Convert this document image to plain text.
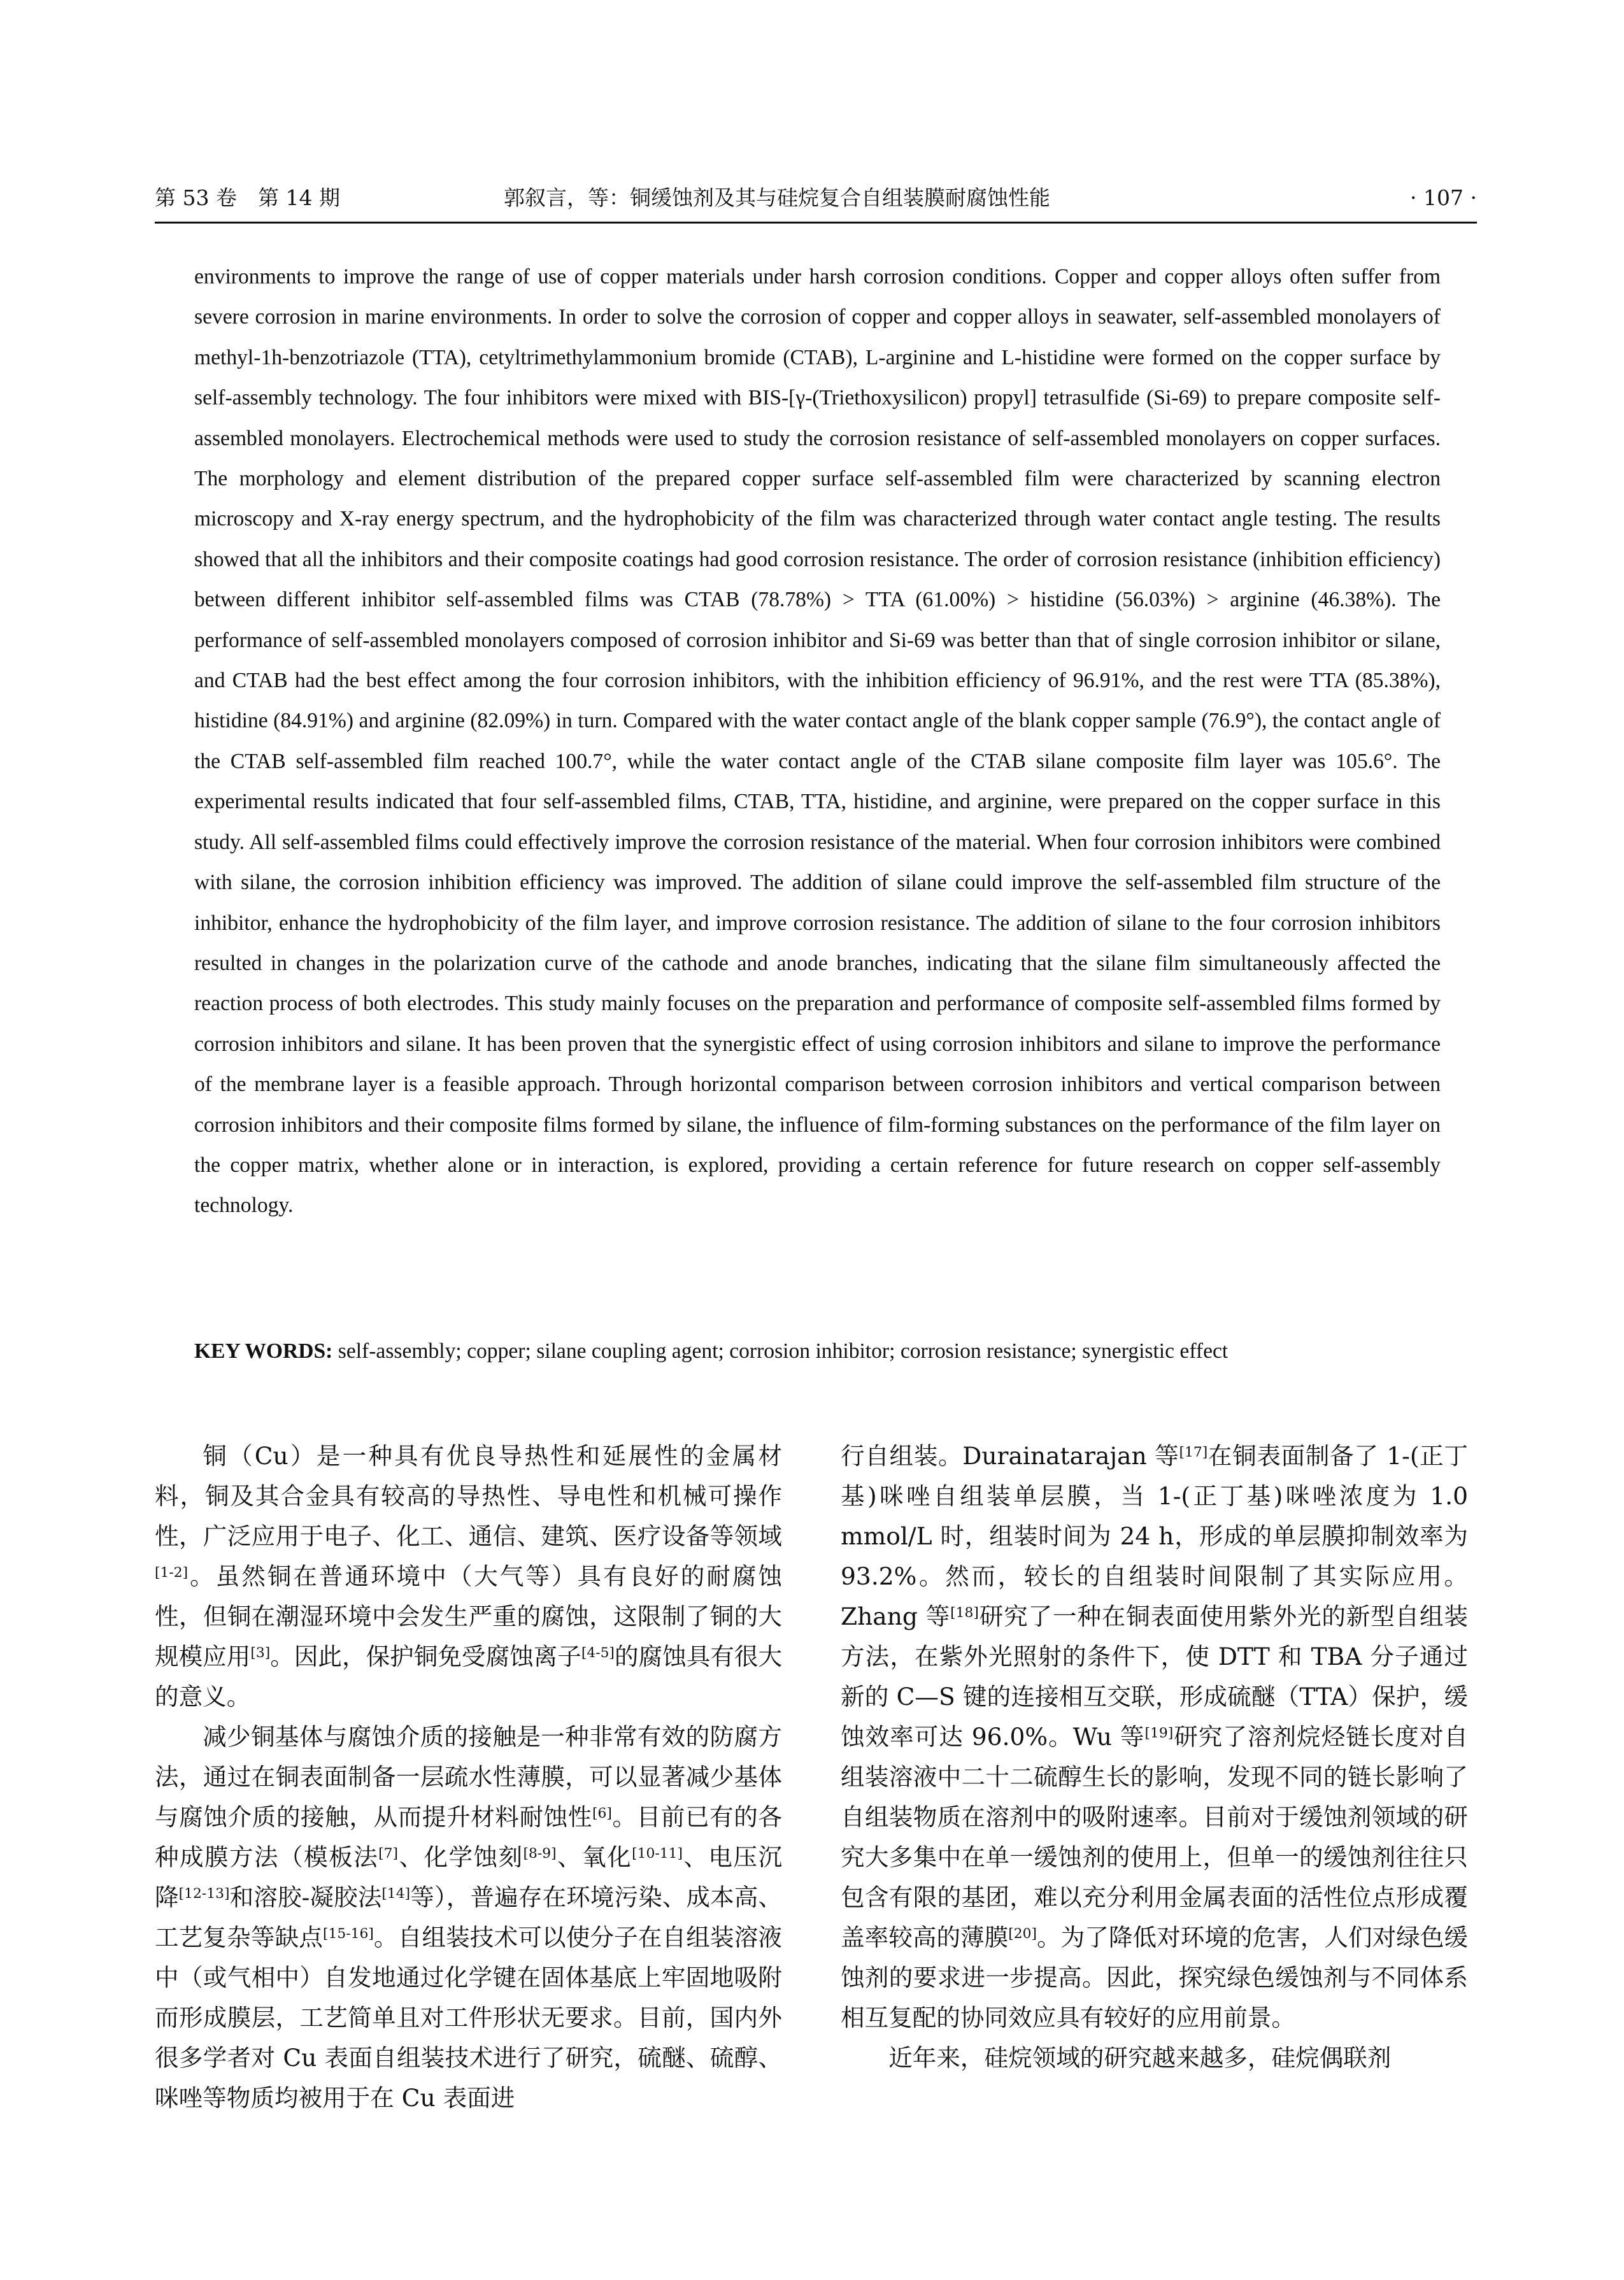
第 53 卷　第 14 期	郭叙言，等：铜缓蚀剂及其与硅烷复合自组装膜耐腐蚀性能	· 107 ·

environments to improve the range of use of copper materials under harsh corrosion conditions. Copper and copper alloys often suffer from severe corrosion in marine environments. In order to solve the corrosion of copper and copper alloys in seawater, self-assembled monolayers of methyl-1h-benzotriazole (TTA), cetyltrimethylammonium bromide (CTAB), L-arginine and L-histidine were formed on the copper surface by self-assembly technology. The four inhibitors were mixed with BIS-[γ-(Triethoxysilicon) propyl] tetrasulfide (Si-69) to prepare composite self-assembled monolayers. Electrochemical methods were used to study the corrosion resistance of self-assembled monolayers on copper surfaces. The morphology and element distribution of the prepared copper surface self-assembled film were characterized by scanning electron microscopy and X-ray energy spectrum, and the hydrophobicity of the film was characterized through water contact angle testing. The results showed that all the inhibitors and their composite coatings had good corrosion resistance. The order of corrosion resistance (inhibition efficiency) between different inhibitor self-assembled films was CTAB (78.78%) > TTA (61.00%) > histidine (56.03%) > arginine (46.38%). The performance of self-assembled monolayers composed of corrosion inhibitor and Si-69 was better than that of single corrosion inhibitor or silane, and CTAB had the best effect among the four corrosion inhibitors, with the inhibition efficiency of 96.91%, and the rest were TTA (85.38%), histidine (84.91%) and arginine (82.09%) in turn. Compared with the water contact angle of the blank copper sample (76.9°), the contact angle of the CTAB self-assembled film reached 100.7°, while the water contact angle of the CTAB silane composite film layer was 105.6°. The experimental results indicated that four self-assembled films, CTAB, TTA, histidine, and arginine, were prepared on the copper surface in this study. All self-assembled films could effectively improve the corrosion resistance of the material. When four corrosion inhibitors were combined with silane, the corrosion inhibition efficiency was improved. The addition of silane could improve the self-assembled film structure of the inhibitor, enhance the hydrophobicity of the film layer, and improve corrosion resistance. The addition of silane to the four corrosion inhibitors resulted in changes in the polarization curve of the cathode and anode branches, indicating that the silane film simultaneously affected the reaction process of both electrodes. This study mainly focuses on the preparation and performance of composite self-assembled films formed by corrosion inhibitors and silane. It has been proven that the synergistic effect of using corrosion inhibitors and silane to improve the performance of the membrane layer is a feasible approach. Through horizontal comparison between corrosion inhibitors and vertical comparison between corrosion inhibitors and their composite films formed by silane, the influence of film-forming substances on the performance of the film layer on the copper matrix, whether alone or in interaction, is explored, providing a certain reference for future research on copper self-assembly technology.

KEY WORDS: self-assembly; copper; silane coupling agent; corrosion inhibitor; corrosion resistance; synergistic effect

铜（Cu）是一种具有优良导热性和延展性的金属材料，铜及其合金具有较高的导热性、导电性和机械可操作性，广泛应用于电子、化工、通信、建筑、医疗设备等领域[1-2]。虽然铜在普通环境中（大气等）具有良好的耐腐蚀性，但铜在潮湿环境中会发生严重的腐蚀，这限制了铜的大规模应用[3]。因此，保护铜免受腐蚀离子[4-5]的腐蚀具有很大的意义。

减少铜基体与腐蚀介质的接触是一种非常有效的防腐方法，通过在铜表面制备一层疏水性薄膜，可以显著减少基体与腐蚀介质的接触，从而提升材料耐蚀性[6]。目前已有的各种成膜方法（模板法[7]、化学蚀刻[8-9]、氧化[10-11]、电压沉降[12-13]和溶胶-凝胶法[14]等），普遍存在环境污染、成本高、工艺复杂等缺点[15-16]。自组装技术可以使分子在自组装溶液中（或气相中）自发地通过化学键在固体基底上牢固地吸附而形成膜层，工艺简单且对工件形状无要求。目前，国内外很多学者对 Cu 表面自组装技术进行了研究，硫醚、硫醇、咪唑等物质均被用于在 Cu 表面进

行自组装。Durainatarajan 等[17]在铜表面制备了 1-(正丁基)咪唑自组装单层膜，当 1-(正丁基)咪唑浓度为 1.0 mmol/L 时，组装时间为 24 h，形成的单层膜抑制效率为 93.2%。然而，较长的自组装时间限制了其实际应用。Zhang 等[18]研究了一种在铜表面使用紫外光的新型自组装方法，在紫外光照射的条件下，使 DTT 和 TBA 分子通过新的 C—S 键的连接相互交联，形成硫醚（TTA）保护，缓蚀效率可达 96.0%。Wu 等[19]研究了溶剂烷烃链长度对自组装溶液中二十二硫醇生长的影响，发现不同的链长影响了自组装物质在溶剂中的吸附速率。目前对于缓蚀剂领域的研究大多集中在单一缓蚀剂的使用上，但单一的缓蚀剂往往只包含有限的基团，难以充分利用金属表面的活性位点形成覆盖率较高的薄膜[20]。为了降低对环境的危害，人们对绿色缓蚀剂的要求进一步提高。因此，探究绿色缓蚀剂与不同体系相互复配的协同效应具有较好的应用前景。

近年来，硅烷领域的研究越来越多，硅烷偶联剂
